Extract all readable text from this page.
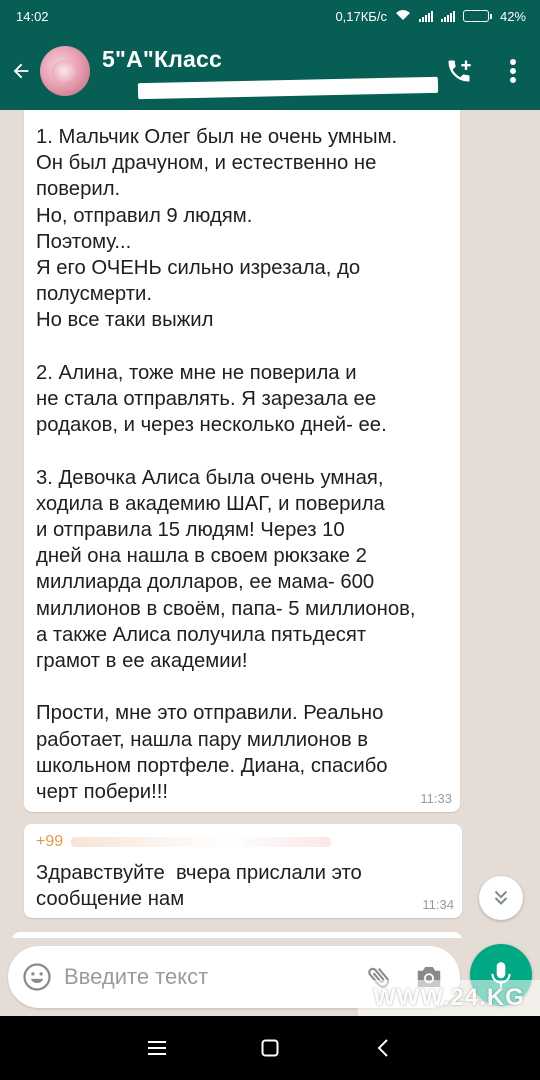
14:02	0,17КБ/с	42%
5"А"Класс
1. Мальчик Олег был не очень умным.
Он был драчуном, и естественно не
поверил.
Но, отправил 9 людям.
Поэтому...
Я его ОЧЕНЬ сильно изрезала, до
полусмерти.
Но все таки выжил

2. Алина, тоже мне не поверила и
не стала отправлять. Я зарезала ее
родаков, и через несколько дней- ее.

3. Девочка Алиса была очень умная,
ходила в академию ШАГ, и поверила
и отправила 15 людям! Через 10
дней она нашла в своем рюкзаке 2
миллиарда долларов, ее мама- 600
миллионов в своём, папа- 5 миллионов,
а также Алиса получила пятьдесят
грамот в ее академии!

Прости, мне это отправили. Реально
работает, нашла пару миллионов в
школьном портфеле. Диана, спасибо
черт побери!!!	11:33
+99
Здравствуйте  вчера прислали это
сообщение нам	11:34
Введите текст
WWW.24.KG
